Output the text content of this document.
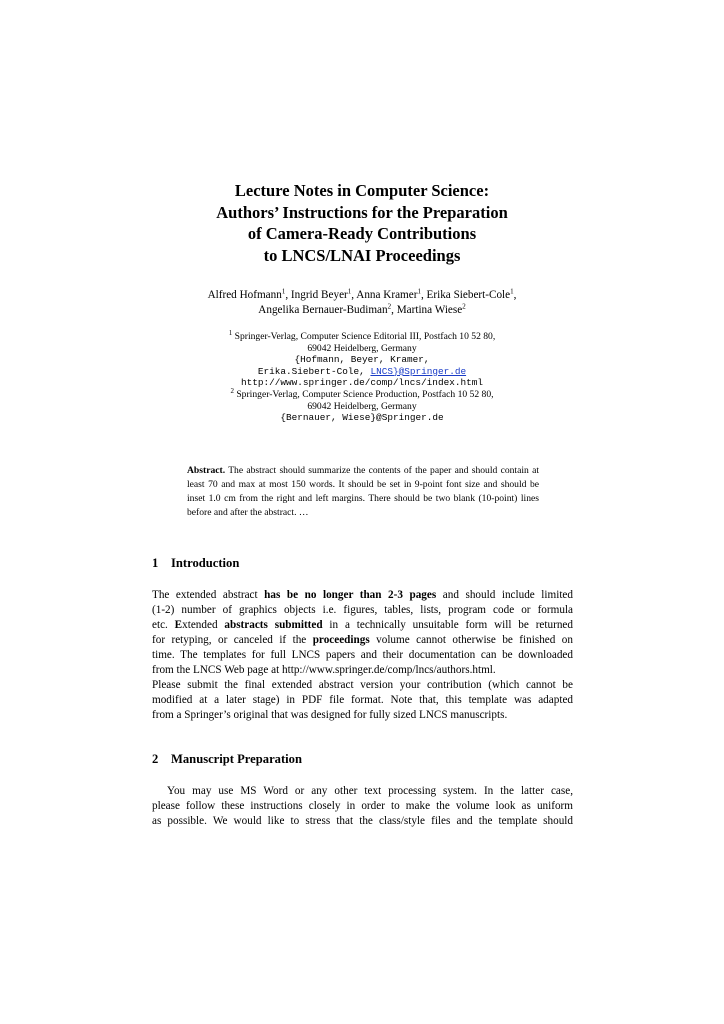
Lecture Notes in Computer Science:
Authors’ Instructions for the Preparation
of Camera-Ready Contributions
to LNCS/LNAI Proceedings
Alfred Hofmann$^1$, Ingrid Beyer$^1$, Anna Kramer$^1$, Erika Siebert-Cole$^1$,
Angelika Bernauer-Budiman$^2$, Martina Wiese$^2$
$^1$ Springer-Verlag, Computer Science Editorial III, Postfach 10 52 80,
69042 Heidelberg, Germany
{Hofmann, Beyer, Kramer,
Erika.Siebert-Cole, LNCS}@Springer.de
http://www.springer.de/comp/lncs/index.html
$^2$ Springer-Verlag, Computer Science Production, Postfach 10 52 80,
69042 Heidelberg, Germany
{Bernauer, Wiese}@Springer.de
Abstract. The abstract should summarize the contents of the paper and should contain at least 70 and max at most 150 words. It should be set in 9-point font size and should be inset 1.0 cm from the right and left margins. There should be two blank (10-point) lines before and after the abstract. …
1 Introduction
The extended abstract has be no longer than 2-3 pages and should include limited
(1-2) number of graphics objects i.e. figures, tables, lists, program code or formula
etc. Extended abstracts submitted in a technically unsuitable form will be returned
for retyping, or canceled if the proceedings volume cannot otherwise be finished on
time. The templates for full LNCS papers and their documentation can be downloaded
from the LNCS Web page at http://www.springer.de/comp/lncs/authors.html.
Please submit the final extended abstract version your contribution (which cannot be
modified at a later stage) in PDF file format. Note that, this template was adapted
from a Springer’s original that was designed for fully sized LNCS manuscripts.
2 Manuscript Preparation
You may use MS Word or any other text processing system. In the latter case,
please follow these instructions closely in order to make the volume look as uniform
as possible. We would like to stress that the class/style files and the template should
